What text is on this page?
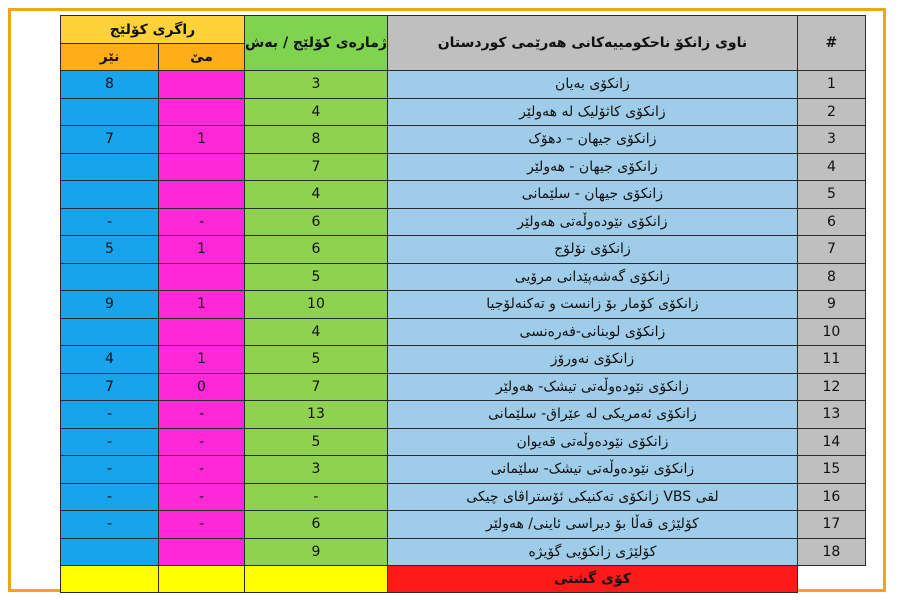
راگری کۆلێج		ژمارەی کۆلێج / بەش	ناوی زانکۆ ناحکومییەکانی هەرێمی کوردستان	#
نێر	مێ			
8		3	زانکۆی بەیان	1
		4	زانکۆی کاثۆلیک لە هەولێر	2
7	1	8	زانکۆی جیهان – دهۆک	3
		7	زانکۆی جیهان - هەولێر	4
		4	زانکۆی جیهان - سلێمانی	5
-	-	6	زانکۆی نێودەوڵەتی هەولێر	6
5	1	6	زانکۆی نۆلۆج	7
		5	زانکۆی گەشەپێدانی مرۆیی	8
9	1	10	زانکۆی کۆمار بۆ زانست و تەکنەلۆجیا	9
		4	زانکۆی لوبنانی-فەرەنسی	10
4	1	5	زانکۆی نەورۆز	11
7	0	7	زانکۆی نێودەوڵەتی تیشک- هەولێر	12
-	-	13	زانکۆی ئەمریکی لە عێراق- سلێمانی	13
-	-	5	زانکۆی نێودەوڵەتی قەیوان	14
-	-	3	زانکۆی نێودەوڵەتی تیشک- سلێمانی	15
-	-	-	لقی VBS زانکۆی تەکنیکی ئۆستراڤای چیکی	16
-	-	6	کۆلێژی قەڵا بۆ دیراسی ئاینی/ هەولێر	17
		9	کۆلێژی زانکۆیی گۆیژە	18
			کۆی گشتی	
